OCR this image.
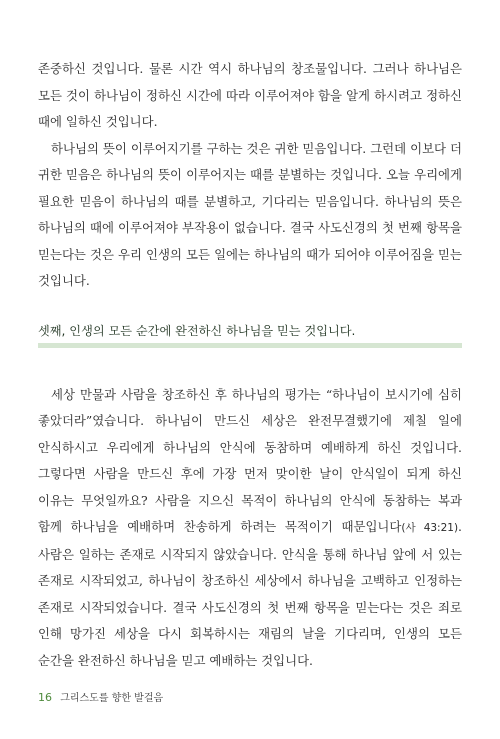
존중하신 것입니다. 물론 시간 역시 하나님의 창조물입니다. 그러나 하나님은 모든 것이 하나님이 정하신 시간에 따라 이루어져야 함을 알게 하시려고 정하신 때에 일하신 것입니다.

하나님의 뜻이 이루어지기를 구하는 것은 귀한 믿음입니다. 그런데 이보다 더 귀한 믿음은 하나님의 뜻이 이루어지는 때를 분별하는 것입니다. 오늘 우리에게 필요한 믿음이 하나님의 때를 분별하고, 기다리는 믿음입니다. 하나님의 뜻은 하나님의 때에 이루어져야 부작용이 없습니다. 결국 사도신경의 첫 번째 항목을 믿는다는 것은 우리 인생의 모든 일에는 하나님의 때가 되어야 이루어짐을 믿는 것입니다.

셋째, 인생의 모든 순간에 완전하신 하나님을 믿는 것입니다.

세상 만물과 사람을 창조하신 후 하나님의 평가는 “하나님이 보시기에 심히 좋았더라”였습니다. 하나님이 만드신 세상은 완전무결했기에 제칠 일에 안식하시고 우리에게 하나님의 안식에 동참하며 예배하게 하신 것입니다. 그렇다면 사람을 만드신 후에 가장 먼저 맞이한 날이 안식일이 되게 하신 이유는 무엇일까요? 사람을 지으신 목적이 하나님의 안식에 동참하는 복과 함께 하나님을 예배하며 찬송하게 하려는 목적이기 때문입니다(사 43:21). 사람은 일하는 존재로 시작되지 않았습니다. 안식을 통해 하나님 앞에 서 있는 존재로 시작되었고, 하나님이 창조하신 세상에서 하나님을 고백하고 인정하는 존재로 시작되었습니다. 결국 사도신경의 첫 번째 항목을 믿는다는 것은 죄로 인해 망가진 세상을 다시 회복하시는 재림의 날을 기다리며, 인생의 모든 순간을 완전하신 하나님을 믿고 예배하는 것입니다.

16 그리스도를 향한 발걸음
